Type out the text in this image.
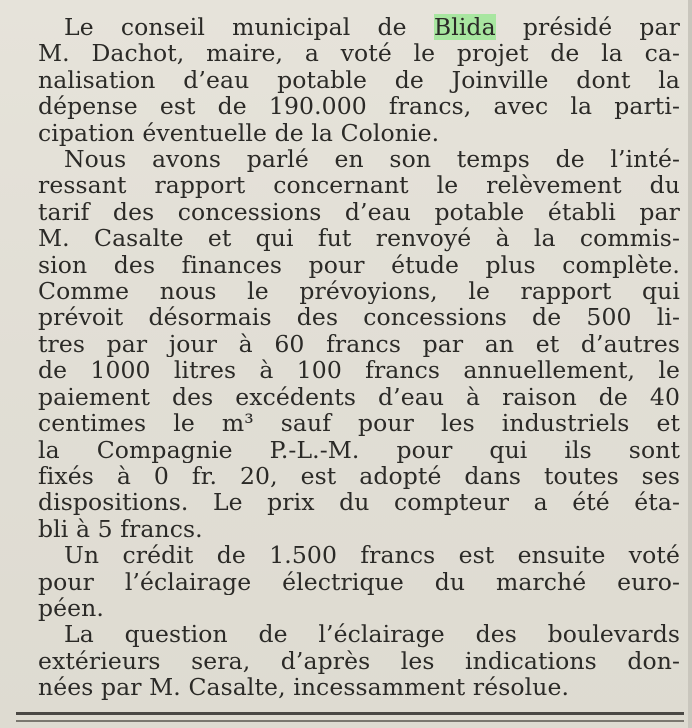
Le conseil municipal de Blida présidé par
M. Dachot, maire, a voté le projet de la ca-
nalisation d’eau potable de Joinville dont la
dépense est de 190.000 francs, avec la parti-
cipation éventuelle de la Colonie.
Nous avons parlé en son temps de l’inté-
ressant rapport concernant le relèvement du
tarif des concessions d’eau potable établi par
M. Casalte et qui fut renvoyé à la commis-
sion des finances pour étude plus complète.
Comme nous le prévoyions, le rapport qui
prévoit désormais des concessions de 500 li-
tres par jour à 60 francs par an et d’autres
de 1000 litres à 100 francs annuellement, le
paiement des excédents d’eau à raison de 40
centimes le m³ sauf pour les industriels et
la Compagnie P.-L.-M. pour qui ils sont
fixés à 0 fr. 20, est adopté dans toutes ses
dispositions. Le prix du compteur a été éta-
bli à 5 francs.
Un crédit de 1.500 francs est ensuite voté
pour l’éclairage électrique du marché euro-
péen.
La question de l’éclairage des boulevards
extérieurs sera, d’après les indications don-
nées par M. Casalte, incessamment résolue.
